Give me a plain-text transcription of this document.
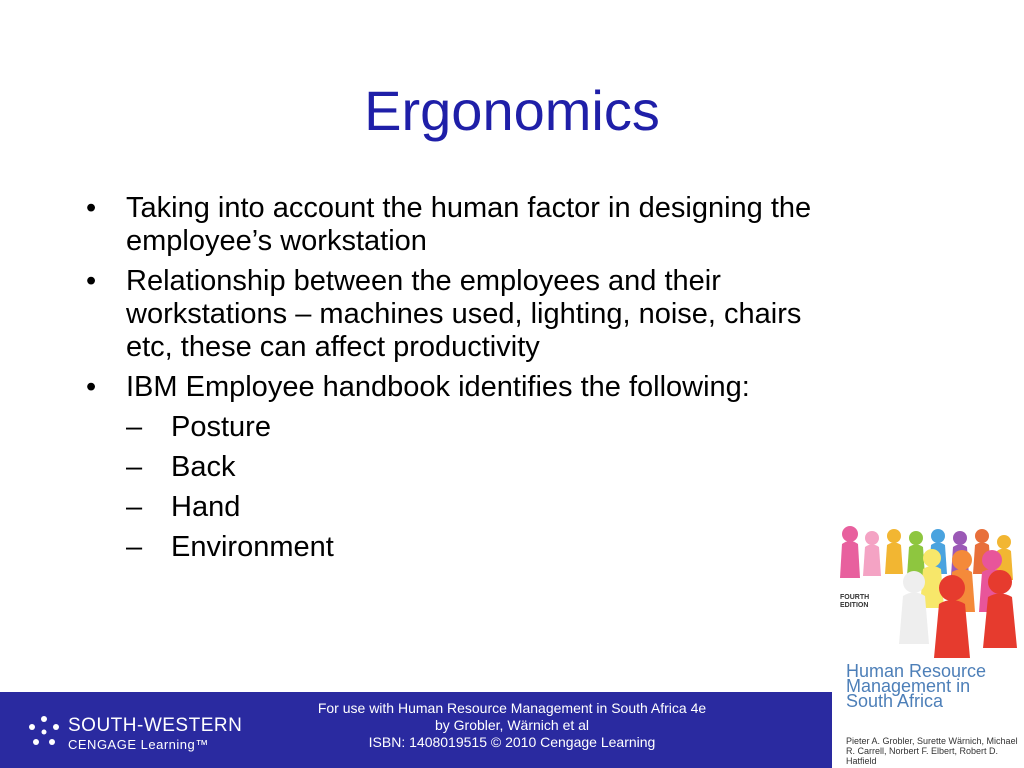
Ergonomics
•	Taking into account the human factor in designing the employee’s workstation
•	Relationship between the employees and their workstations – machines used, lighting, noise, chairs etc, these can affect productivity
•	IBM Employee handbook identifies the following:
– Posture
– Back
– Hand
– Environment
SOUTH-WESTERN
CENGAGE Learning™
For use with Human Resource Management in South Africa 4e
by Grobler, Wärnich et al
ISBN: 1408019515 © 2010 Cengage Learning
FOURTH EDITION
Human Resource Management in South Africa
Pieter A. Grobler, Surette Wärnich, Michael R. Carrell, Norbert F. Elbert, Robert D. Hatfield
